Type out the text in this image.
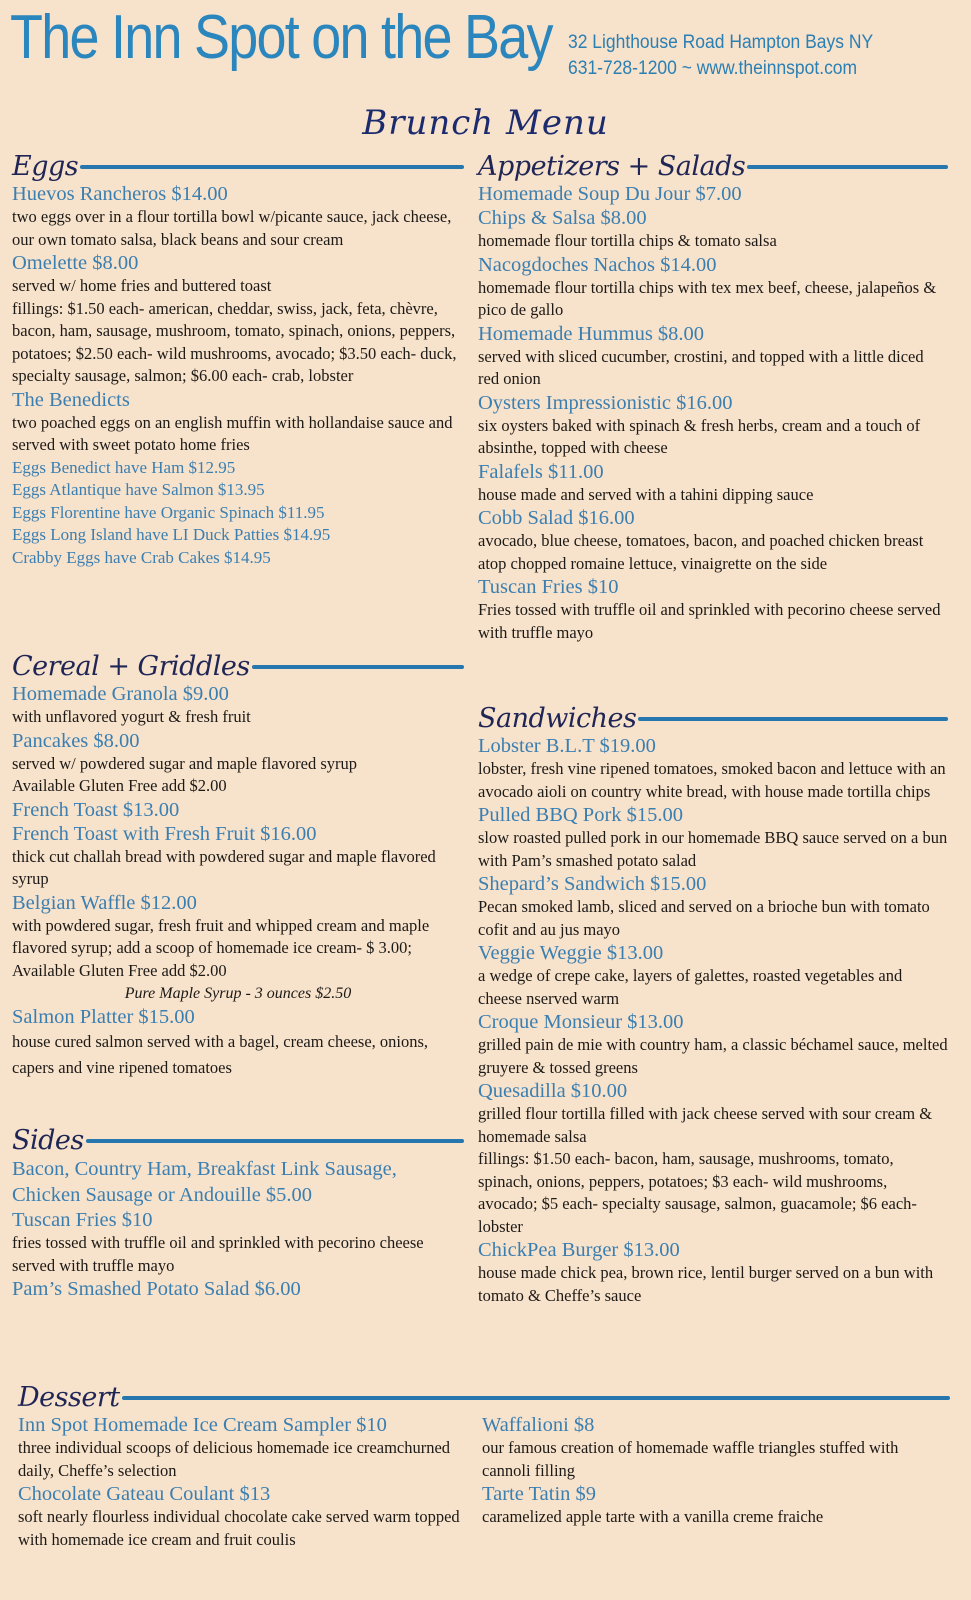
The Inn Spot on the Bay 32 Lighthouse Road Hampton Bays NY
631-728-1200 ~ www.theinnspot.com
Brunch Menu
Eggs
Huevos Rancheros $14.00
two eggs over in a flour tortilla bowl w/picante sauce, jack cheese, our own tomato salsa, black beans and sour cream
Omelette $8.00
served w/ home fries and buttered toast
fillings: $1.50 each- american, cheddar, swiss, jack, feta, chèvre, bacon, ham, sausage, mushroom, tomato, spinach, onions, peppers, potatoes; $2.50 each- wild mushrooms, avocado; $3.50 each- duck, specialty sausage, salmon; $6.00 each- crab, lobster
The Benedicts
two poached eggs on an english muffin with hollandaise sauce and served with sweet potato home fries
Eggs Benedict have Ham $12.95
Eggs Atlantique have Salmon $13.95
Eggs Florentine have Organic Spinach $11.95
Eggs Long Island have LI Duck Patties $14.95
Crabby Eggs have Crab Cakes $14.95
Cereal + Griddles
Homemade Granola $9.00
with unflavored yogurt & fresh fruit
Pancakes $8.00
served w/ powdered sugar and maple flavored syrup
Available Gluten Free add $2.00
French Toast $13.00
French Toast with Fresh Fruit $16.00
thick cut challah bread with powdered sugar and maple flavored syrup
Belgian Waffle $12.00
with powdered sugar, fresh fruit and whipped cream and maple flavored syrup; add a scoop of homemade ice cream- $ 3.00; Available Gluten Free add $2.00
Pure Maple Syrup - 3 ounces $2.50
Salmon Platter $15.00
house cured salmon served with a bagel, cream cheese, onions, capers and vine ripened tomatoes
Sides
Bacon, Country Ham, Breakfast Link Sausage,
Chicken Sausage or Andouille $5.00
Tuscan Fries $10
fries tossed with truffle oil and sprinkled with pecorino cheese served with truffle mayo
Pam’s Smashed Potato Salad $6.00
Appetizers + Salads
Homemade Soup Du Jour $7.00
Chips & Salsa $8.00
homemade flour tortilla chips & tomato salsa
Nacogdoches Nachos $14.00
homemade flour tortilla chips with tex mex beef, cheese, jalapeños & pico de gallo
Homemade Hummus $8.00
served with sliced cucumber, crostini, and topped with a little diced red onion
Oysters Impressionistic $16.00
six oysters baked with spinach & fresh herbs, cream and a touch of absinthe, topped with cheese
Falafels $11.00
house made and served with a tahini dipping sauce
Cobb Salad $16.00
avocado, blue cheese, tomatoes, bacon, and poached chicken breast atop chopped romaine lettuce, vinaigrette on the side
Tuscan Fries $10
Fries tossed with truffle oil and sprinkled with pecorino cheese served with truffle mayo
Sandwiches
Lobster B.L.T $19.00
lobster, fresh vine ripened tomatoes, smoked bacon and lettuce with an avocado aioli on country white bread, with house made tortilla chips
Pulled BBQ Pork $15.00
slow roasted pulled pork in our homemade BBQ sauce served on a bun with Pam’s smashed potato salad
Shepard’s Sandwich $15.00
Pecan smoked lamb, sliced and served on a brioche bun with tomato cofit and au jus mayo
Veggie Weggie $13.00
a wedge of crepe cake, layers of galettes, roasted vegetables and cheese nserved warm
Croque Monsieur $13.00
grilled pain de mie with country ham, a classic béchamel sauce, melted gruyere & tossed greens
Quesadilla $10.00
grilled flour tortilla filled with jack cheese served with sour cream & homemade salsa
fillings: $1.50 each- bacon, ham, sausage, mushrooms, tomato, spinach, onions, peppers, potatoes; $3 each- wild mushrooms, avocado; $5 each- specialty sausage, salmon, guacamole; $6 each- lobster
ChickPea Burger $13.00
house made chick pea, brown rice, lentil burger served on a bun with tomato & Cheffe’s sauce
Dessert
Inn Spot Homemade Ice Cream Sampler $10
three individual scoops of delicious homemade ice creamchurned daily, Cheffe’s selection
Chocolate Gateau Coulant $13
soft nearly flourless individual chocolate cake served warm topped with homemade ice cream and fruit coulis
Waffalioni $8
our famous creation of homemade waffle triangles stuffed with cannoli filling
Tarte Tatin $9
caramelized apple tarte with a vanilla creme fraiche
